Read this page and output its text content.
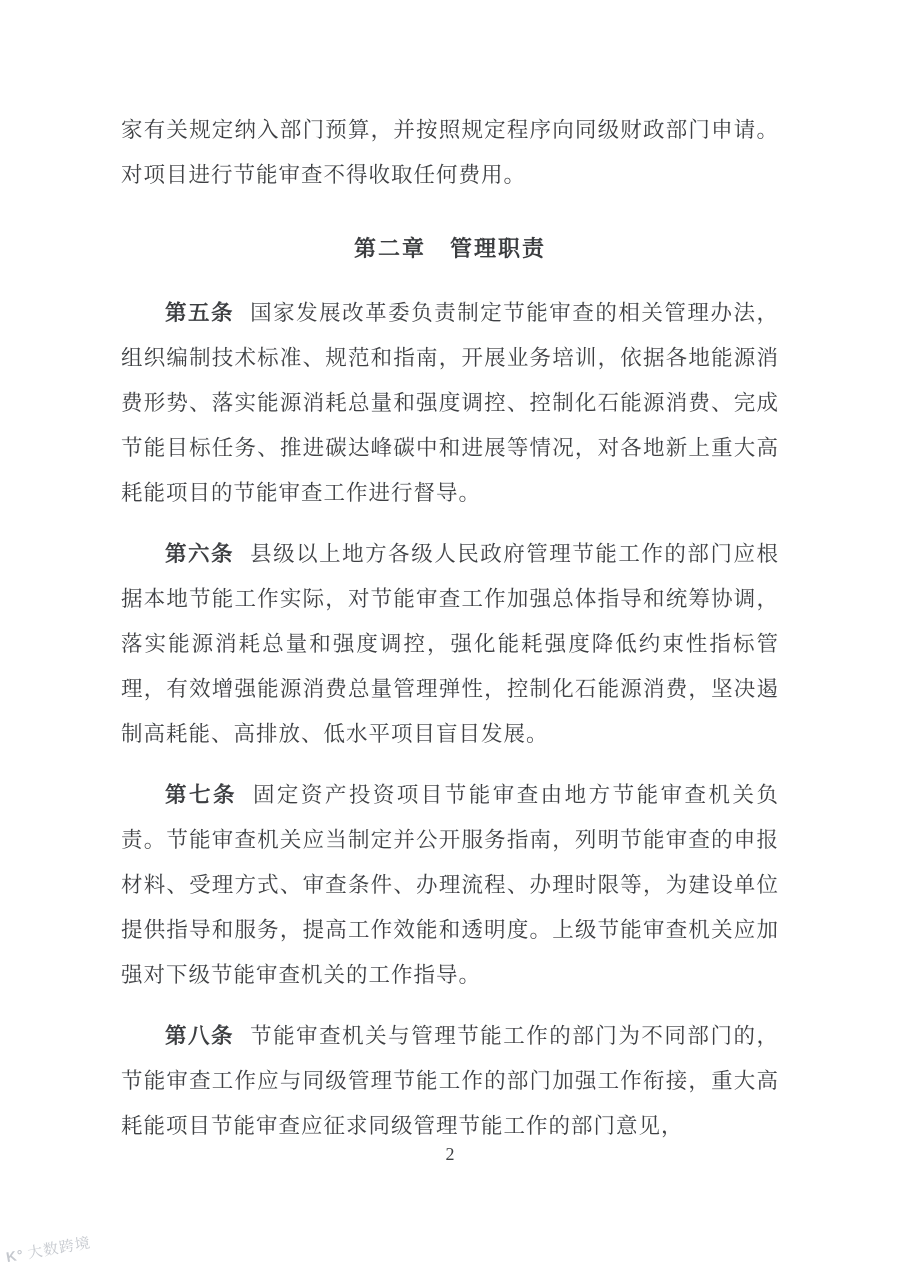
家有关规定纳入部门预算，并按照规定程序向同级财政部门申请。对项目进行节能审查不得收取任何费用。

第二章　管理职责

第五条 国家发展改革委负责制定节能审查的相关管理办法，组织编制技术标准、规范和指南，开展业务培训，依据各地能源消费形势、落实能源消耗总量和强度调控、控制化石能源消费、完成节能目标任务、推进碳达峰碳中和进展等情况，对各地新上重大高耗能项目的节能审查工作进行督导。

第六条 县级以上地方各级人民政府管理节能工作的部门应根据本地节能工作实际，对节能审查工作加强总体指导和统筹协调，落实能源消耗总量和强度调控，强化能耗强度降低约束性指标管理，有效增强能源消费总量管理弹性，控制化石能源消费，坚决遏制高耗能、高排放、低水平项目盲目发展。

第七条 固定资产投资项目节能审查由地方节能审查机关负责。节能审查机关应当制定并公开服务指南，列明节能审查的申报材料、受理方式、审查条件、办理流程、办理时限等，为建设单位提供指导和服务，提高工作效能和透明度。上级节能审查机关应加强对下级节能审查机关的工作指导。

第八条 节能审查机关与管理节能工作的部门为不同部门的，节能审查工作应与同级管理节能工作的部门加强工作衔接，重大高耗能项目节能审查应征求同级管理节能工作的部门意见，

2
K° 大数跨境
